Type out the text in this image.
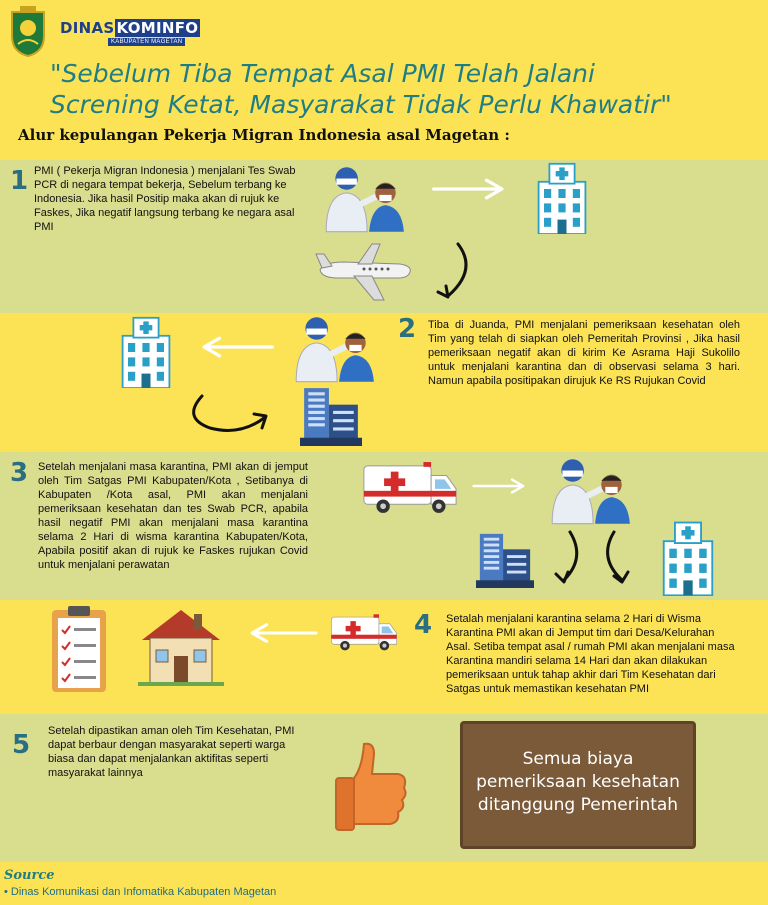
DINAS KOMINFO
KABUPATEN MAGETAN
"Sebelum Tiba Tempat Asal PMI Telah Jalani
Screning Ketat, Masyarakat Tidak Perlu Khawatir"
Alur kepulangan Pekerja Migran Indonesia asal Magetan :
1 PMI ( Pekerja Migran Indonesia ) menjalani Tes Swab PCR di negara tempat bekerja, Sebelum terbang ke Indonesia. Jika hasil Positip maka akan di rujuk ke Faskes, Jika negatif langsung terbang ke negara asal PMI
2 Tiba di Juanda, PMI menjalani pemeriksaan kesehatan oleh Tim yang telah di siapkan oleh Pemeritah Provinsi , Jika hasil pemeriksaan negatif akan di kirim Ke Asrama Haji Sukolilo untuk menjalani karantina dan di observasi selama 3 hari. Namun apabila positipakan dirujuk Ke RS Rujukan Covid
3 Setelah menjalani masa karantina, PMI akan di jemput oleh Tim Satgas PMI Kabupaten/Kota , Setibanya di Kabupaten /Kota asal, PMI akan menjalani pemeriksaan kesehatan dan tes Swab PCR, apabila hasil negatif PMI akan menjalani masa karantina selama 2 Hari di wisma karantina Kabupaten/Kota, Apabila positif akan di rujuk ke Faskes rujukan Covid untuk menjalani perawatan
4 Setalah menjalani karantina selama 2 Hari di Wisma Karantina PMI akan di Jemput tim dari Desa/Kelurahan Asal. Setiba tempat asal / rumah PMI akan menjalani masa Karantina mandiri selama 14 Hari dan akan dilakukan pemeriksaan untuk tahap akhir dari Tim Kesehatan dari Satgas untuk memastikan kesehatan PMI
5 Setelah dipastikan aman oleh Tim Kesehatan, PMI dapat berbaur dengan masyarakat seperti warga biasa dan dapat menjalankan aktifitas seperti masyarakat lainnya
Semua biaya
pemeriksaan kesehatan
ditanggung Pemerintah
Source
• Dinas Komunikasi dan Infomatika Kabupaten Magetan
